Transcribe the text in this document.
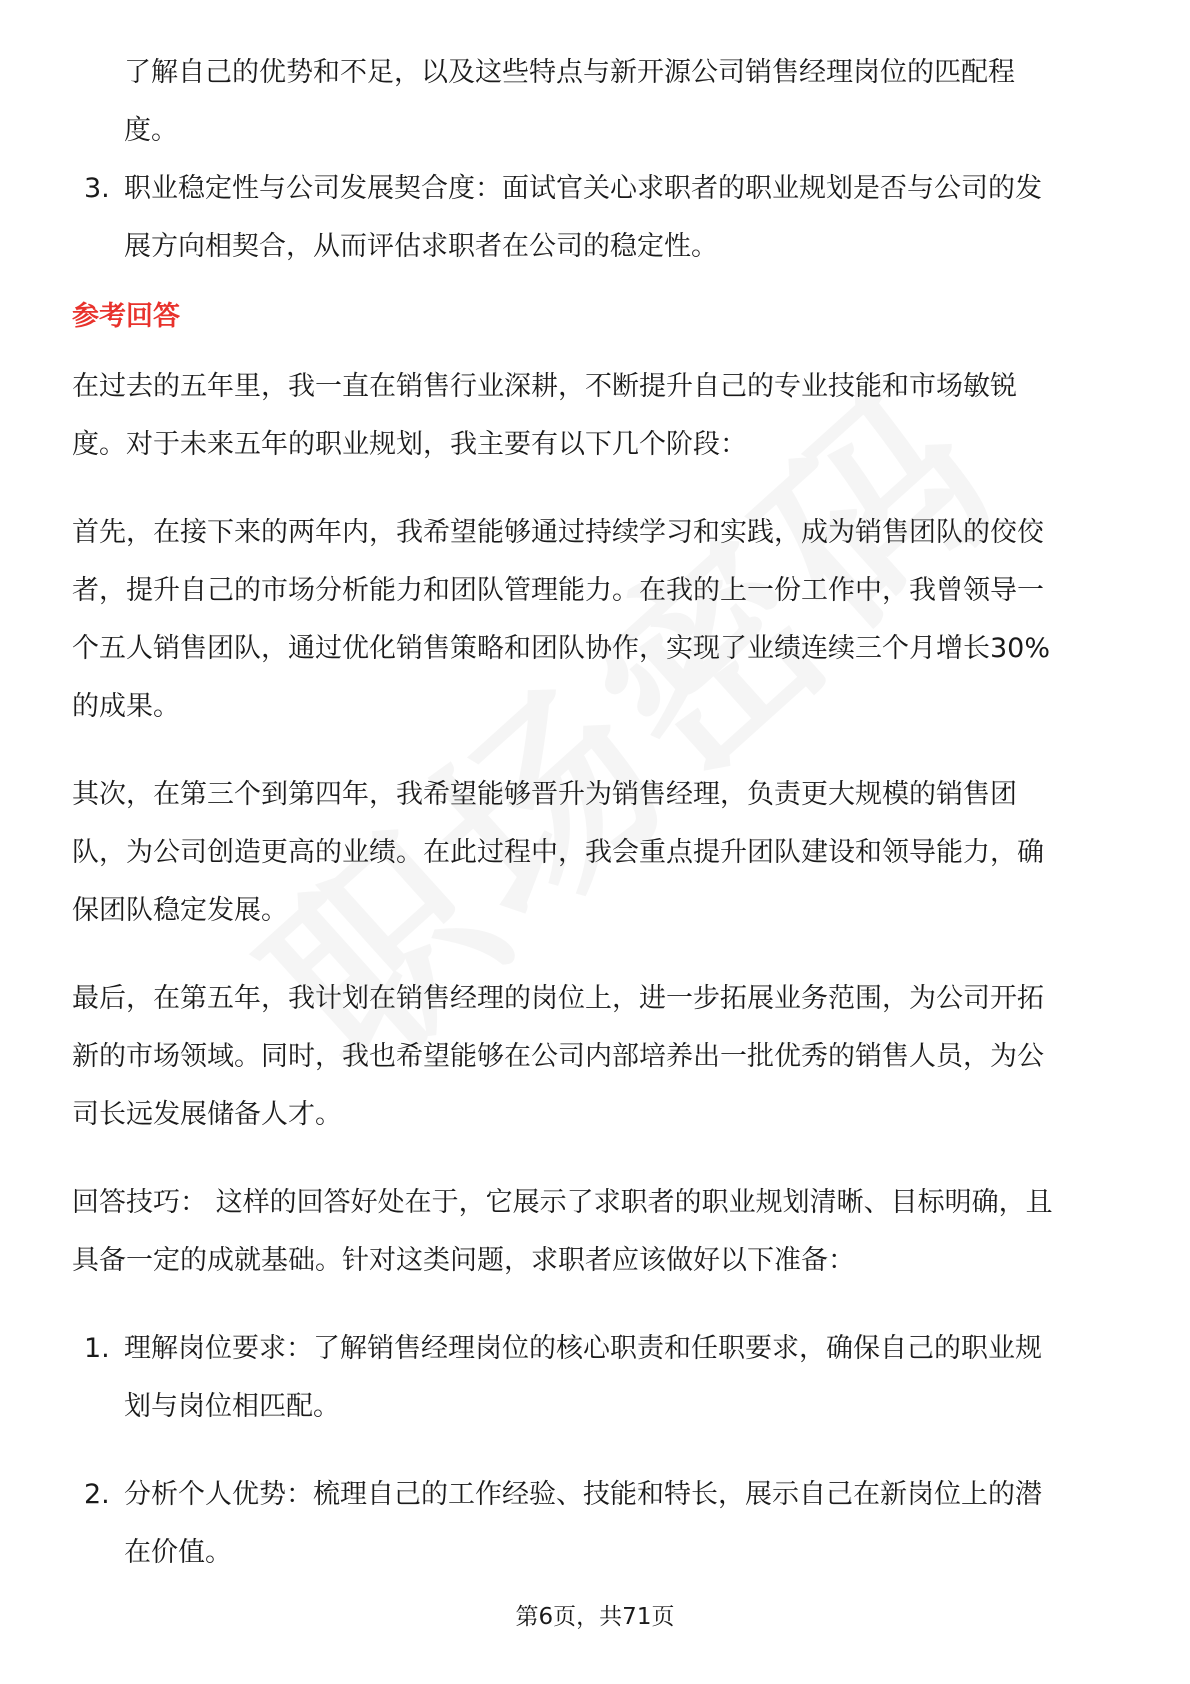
了解自己的优势和不足，以及这些特点与新开源公司销售经理岗位的匹配程

度。

3. 职业稳定性与公司发展契合度：面试官关心求职者的职业规划是否与公司的发

展方向相契合，从而评估求职者在公司的稳定性。

参考回答

在过去的五年里，我一直在销售行业深耕，不断提升自己的专业技能和市场敏锐

度。对于未来五年的职业规划，我主要有以下几个阶段：

首先，在接下来的两年内，我希望能够通过持续学习和实践，成为销售团队的佼佼

者，提升自己的市场分析能力和团队管理能力。在我的上一份工作中，我曾领导一

个五人销售团队，通过优化销售策略和团队协作，实现了业绩连续三个月增长30%

的成果。

其次，在第三个到第四年，我希望能够晋升为销售经理，负责更大规模的销售团

队，为公司创造更高的业绩。在此过程中，我会重点提升团队建设和领导能力，确

保团队稳定发展。

最后，在第五年，我计划在销售经理的岗位上，进一步拓展业务范围，为公司开拓

新的市场领域。同时，我也希望能够在公司内部培养出一批优秀的销售人员，为公

司长远发展储备人才。

回答技巧： 这样的回答好处在于，它展示了求职者的职业规划清晰、目标明确，且

具备一定的成就基础。针对这类问题，求职者应该做好以下准备：

1. 理解岗位要求：了解销售经理岗位的核心职责和任职要求，确保自己的职业规

划与岗位相匹配。

2. 分析个人优势：梳理自己的工作经验、技能和特长，展示自己在新岗位上的潜

在价值。

第6页，共71页
